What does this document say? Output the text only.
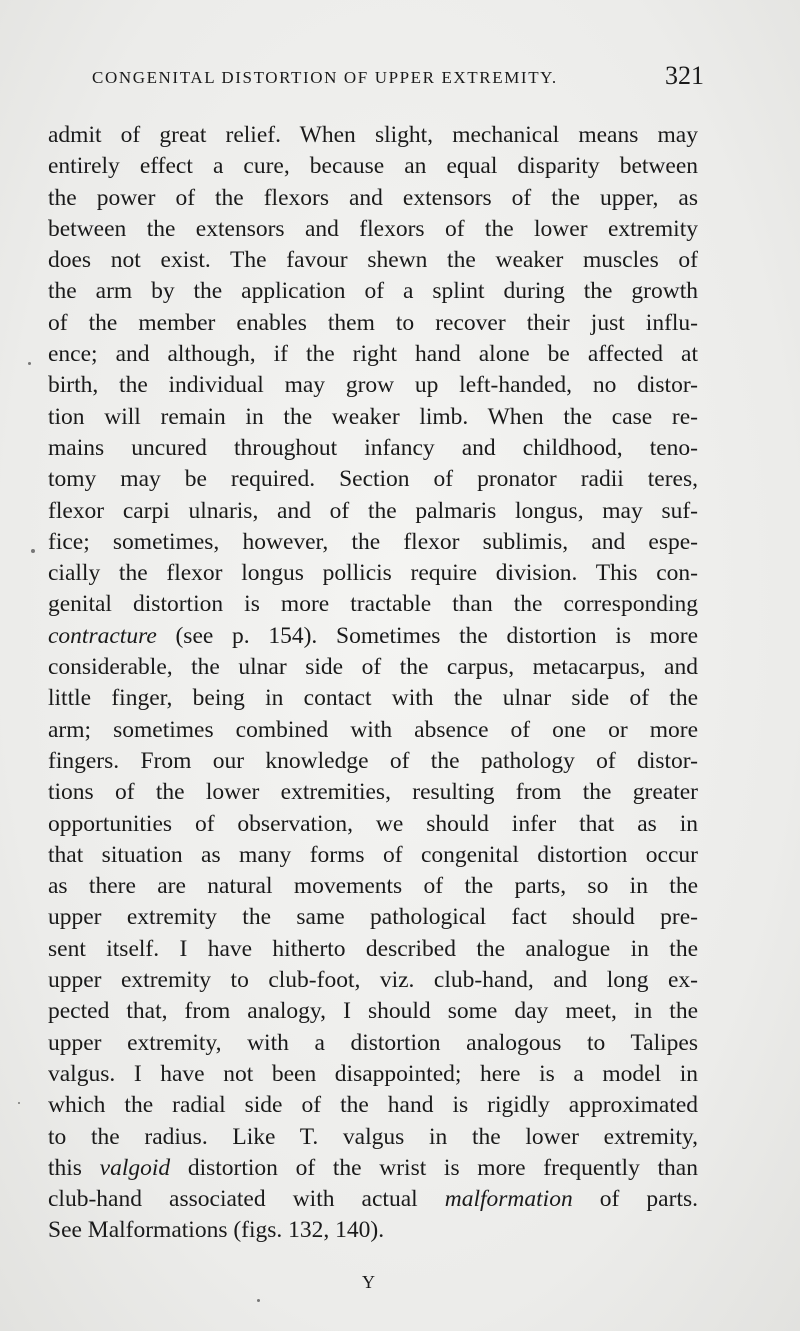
CONGENITAL DISTORTION OF UPPER EXTREMITY.	321
admit of great relief. When slight, mechanical means may
entirely effect a cure, because an equal disparity between
the power of the flexors and extensors of the upper, as
between the extensors and flexors of the lower extremity
does not exist. The favour shewn the weaker muscles of
the arm by the application of a splint during the growth
of the member enables them to recover their just influ-
ence; and although, if the right hand alone be affected at
birth, the individual may grow up left-handed, no distor-
tion will remain in the weaker limb. When the case re-
mains uncured throughout infancy and childhood, teno-
tomy may be required. Section of pronator radii teres,
flexor carpi ulnaris, and of the palmaris longus, may suf-
fice; sometimes, however, the flexor sublimis, and espe-
cially the flexor longus pollicis require division. This con-
genital distortion is more tractable than the corresponding
contracture (see p. 154). Sometimes the distortion is more
considerable, the ulnar side of the carpus, metacarpus, and
little finger, being in contact with the ulnar side of the
arm; sometimes combined with absence of one or more
fingers. From our knowledge of the pathology of distor-
tions of the lower extremities, resulting from the greater
opportunities of observation, we should infer that as in
that situation as many forms of congenital distortion occur
as there are natural movements of the parts, so in the
upper extremity the same pathological fact should pre-
sent itself. I have hitherto described the analogue in the
upper extremity to club-foot, viz. club-hand, and long ex-
pected that, from analogy, I should some day meet, in the
upper extremity, with a distortion analogous to Talipes
valgus. I have not been disappointed; here is a model in
which the radial side of the hand is rigidly approximated
to the radius. Like T. valgus in the lower extremity,
this valgoid distortion of the wrist is more frequently than
club-hand associated with actual malformation of parts.
See Malformations (figs. 132, 140).
Y
